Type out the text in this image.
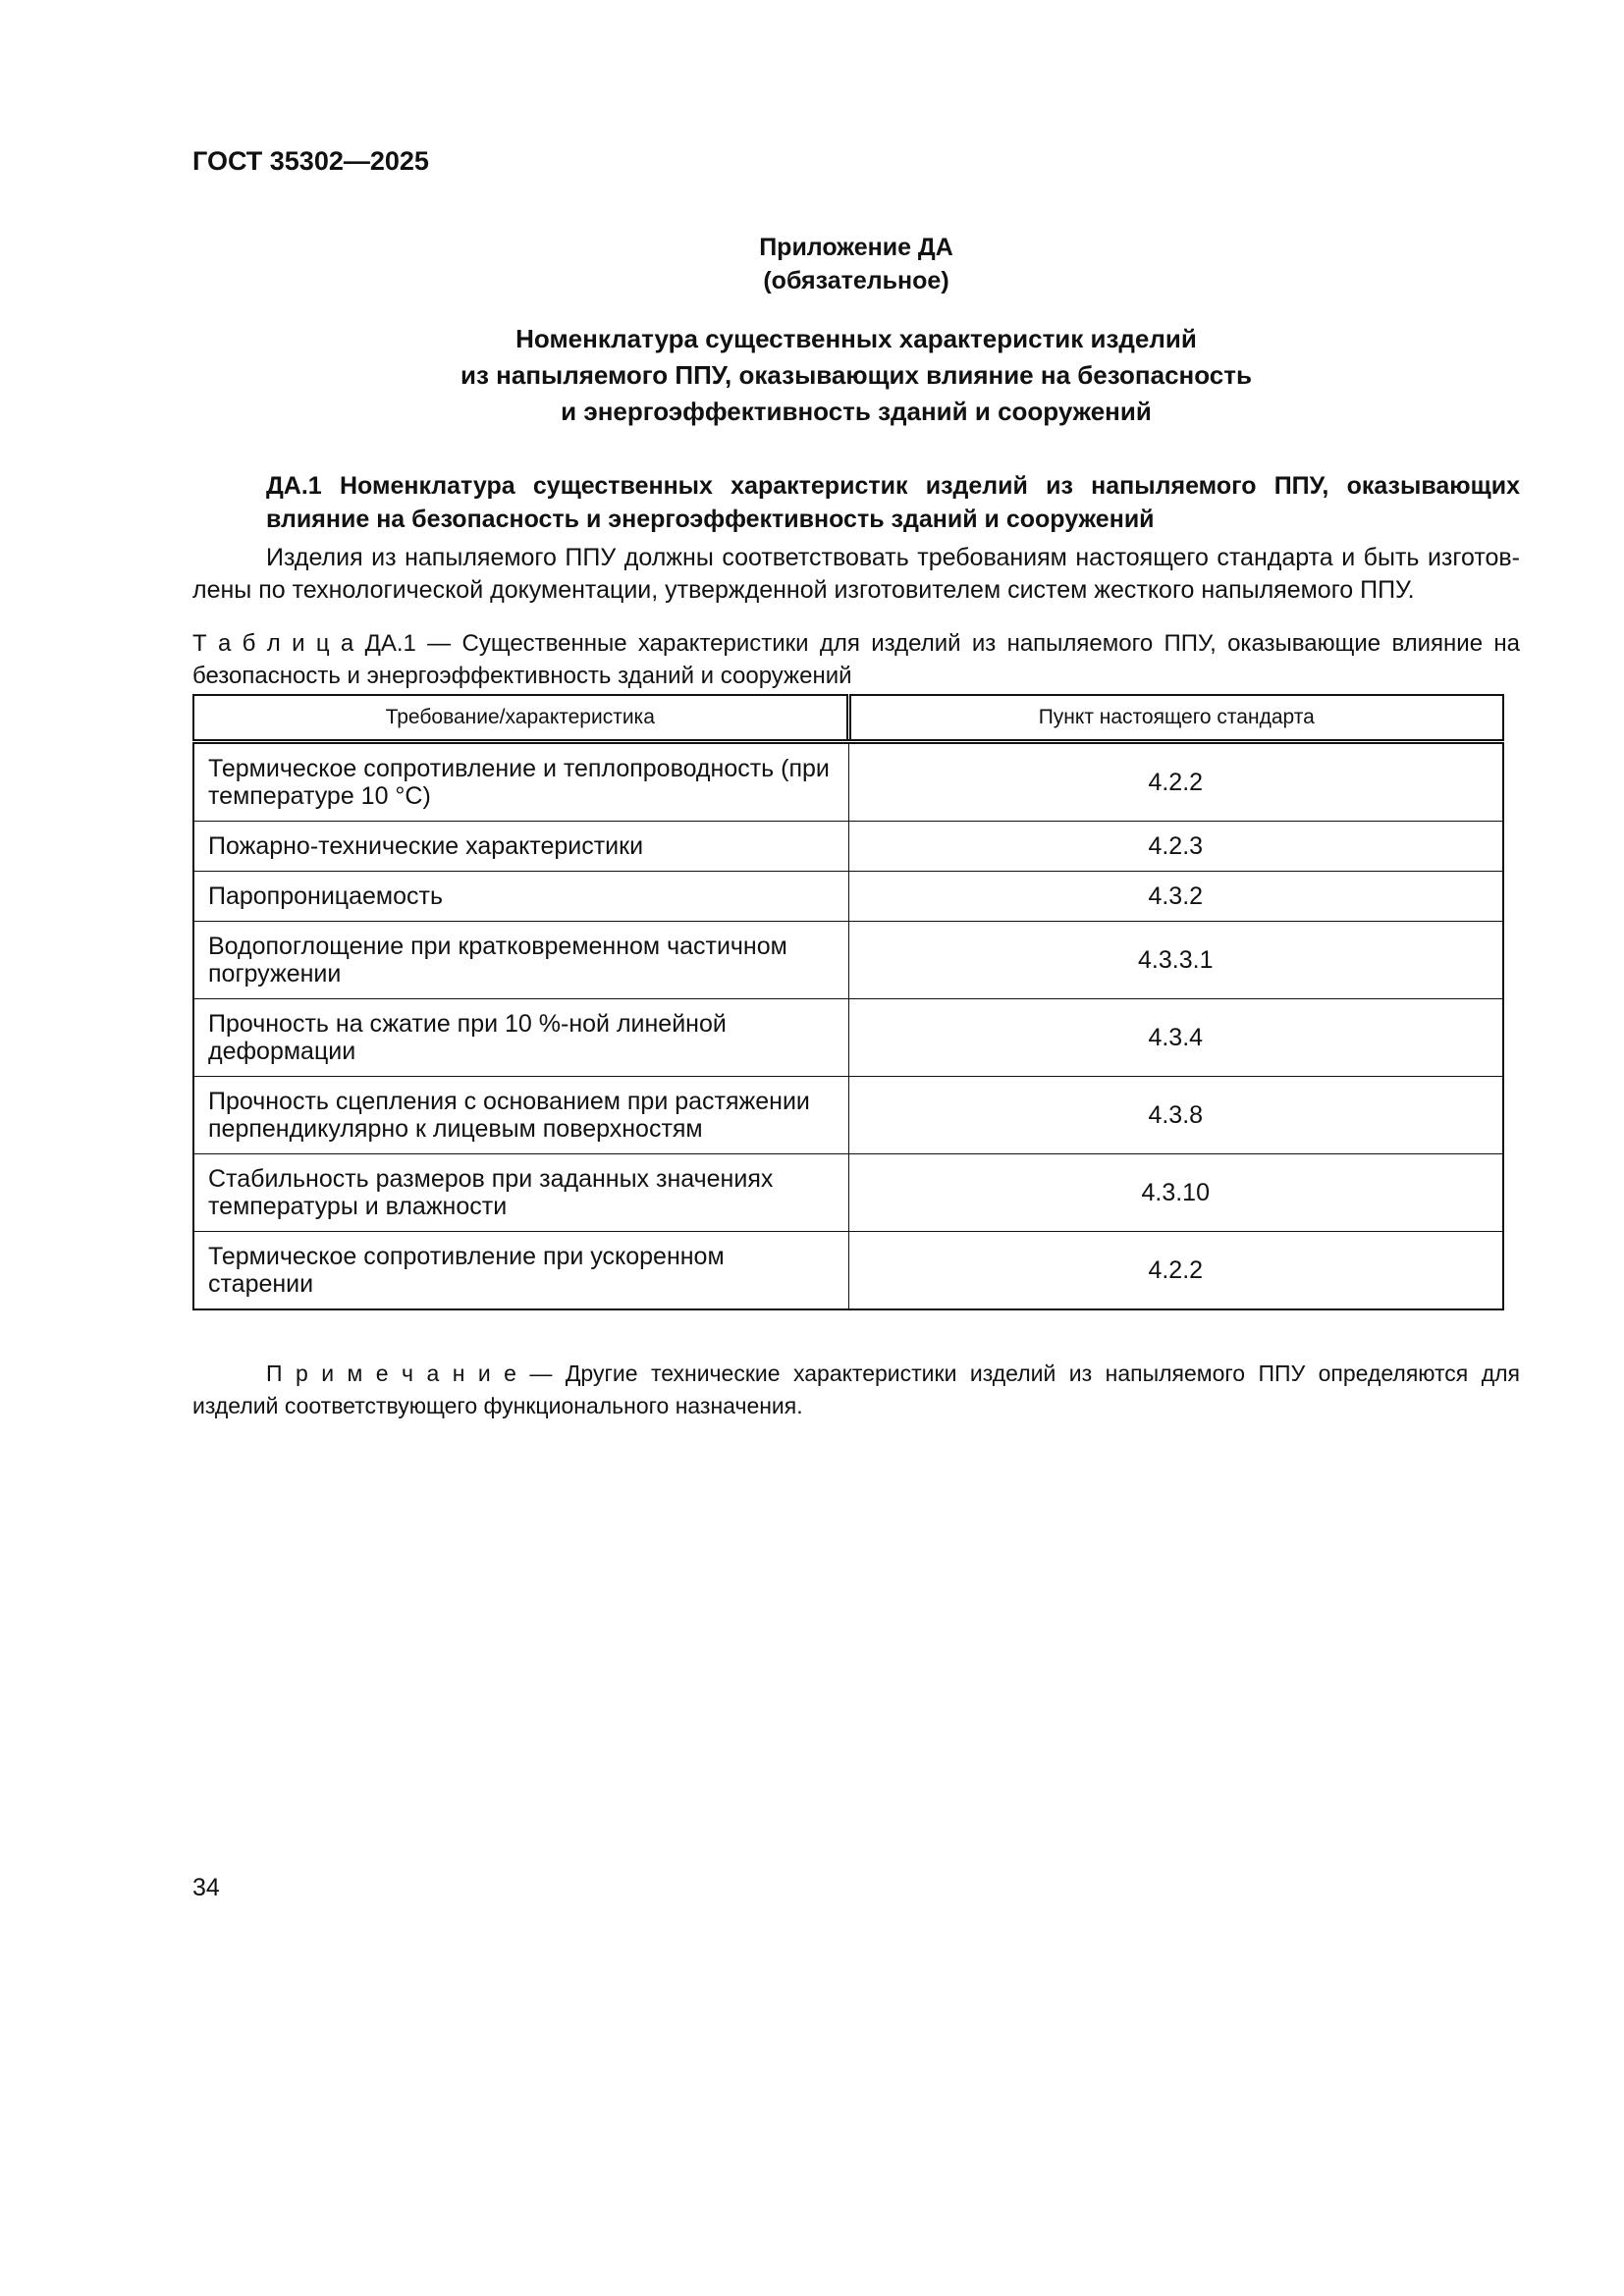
ГОСТ 35302—2025
Приложение ДА
(обязательное)
Номенклатура существенных характеристик изделий
из напыляемого ППУ, оказывающих влияние на безопасность
и энергоэффективность зданий и сооружений
ДА.1 Номенклатура существенных характеристик изделий из напыляемого ППУ, оказывающих
влияние на безопасность и энергоэффективность зданий и сооружений
Изделия из напыляемого ППУ должны соответствовать требованиям настоящего стандарта и быть изготов-
лены по технологической документации, утвержденной изготовителем систем жесткого напыляемого ППУ.
Т а б л и ц а ДА.1 — Существенные характеристики для изделий из напыляемого ППУ, оказывающие влияние на
безопасность и энергоэффективность зданий и сооружений
Требование/характеристика	Пункт настоящего стандарта
Термическое сопротивление и теплопроводность (при температуре 10 °С)	4.2.2
Пожарно-технические характеристики	4.2.3
Паропроницаемость	4.3.2
Водопоглощение при кратковременном частичном погружении	4.3.3.1
Прочность на сжатие при 10 %-ной линейной деформации	4.3.4
Прочность сцепления с основанием при растяжении перпендикулярно к лицевым поверхностям	4.3.8
Стабильность размеров при заданных значениях температуры и влажности	4.3.10
Термическое сопротивление при ускоренном старении	4.2.2
П р и м е ч а н и е — Другие технические характеристики изделий из напыляемого ППУ определяются для
изделий соответствующего функционального назначения.
34
